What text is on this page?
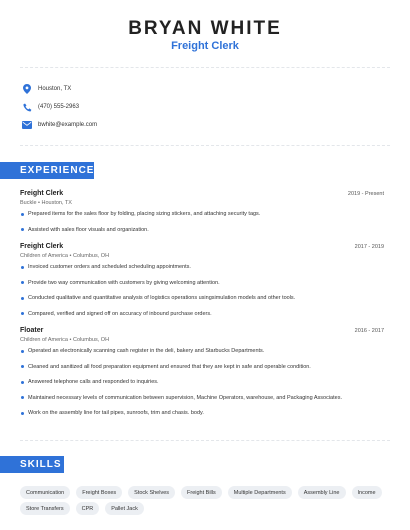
BRYAN WHITE
Freight Clerk
Houston, TX
(470) 555-2963
bwhite@example.com
EXPERIENCE
Freight Clerk	2019 - Present
Buckle • Houston, TX
Prepared items for the sales floor by folding, placing sizing stickers, and attaching security tags.
Assisted with sales floor visuals and organization.
Freight Clerk	2017 - 2019
Children of America • Columbus, OH
Invoiced customer orders and scheduled scheduling appointments.
Provide two way communication with customers by giving welcoming attention.
Conducted qualitative and quantitative analysis of logistics operations usingsimulation models and other tools.
Compared, verified and signed off on accuracy of inbound purchase orders.
Floater	2016 - 2017
Children of America • Columbus, OH
Operated an electronically scanning cash register in the deli, bakery and Starbucks Departments.
Cleaned and sanitized all food preparation equipment and ensured that they are kept in safe and operable condition.
Answered telephone calls and responded to inquiries.
Maintained necessary levels of communication between supervision, Machine Operators, warehouse, and Packaging Associates.
Work on the assembly line for tail pipes, sunroofs, trim and chasis. body.
SKILLS
Communication	Freight Boxes	Stock Shelves	Freight Bills	Multiple Departments	Assembly Line	Income
Store Transfers	CPR	Pallet Jack
